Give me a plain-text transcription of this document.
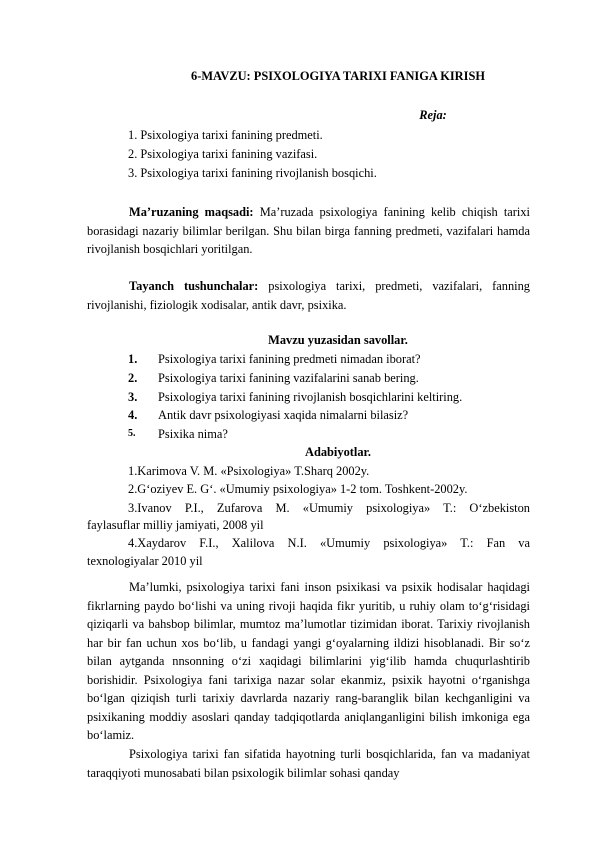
6-MAVZU: PSIXOLOGIYA TARIXI FANIGA KIRISH
Reja:
1. Psixologiya tarixi fanining predmeti.
2. Psixologiya tarixi fanining vazifasi.
3. Psixologiya tarixi fanining rivojlanish bosqichi.
Ma’ruzaning maqsadi: Ma’ruzada psixologiya fanining kelib chiqish tarixi borasidagi nazariy bilimlar berilgan. Shu bilan birga fanning predmeti, vazifalari hamda rivojlanish bosqichlari yoritilgan.
Tayanch tushunchalar: psixologiya tarixi, predmeti, vazifalari, fanning rivojlanishi, fiziologik xodisalar, antik davr, psixika.
Mavzu yuzasidan savollar.
1. Psixologiya tarixi fanining predmeti nimadan iborat?
2. Psixologiya tarixi fanining vazifalarini sanab bering.
3. Psixologiya tarixi fanining rivojlanish bosqichlarini keltiring.
4. Antik davr psixologiyasi xaqida nimalarni bilasiz?
5. Psixika nima?
Adabiyotlar.
1.Karimova V. M. «Psixologiya» T.Sharq 2002y.
2.G‘oziyev E. G‘. «Umumiy psixologiya» 1-2 tom. Toshkent-2002y.
3.Ivanov P.I., Zufarova M. «Umumiy psixologiya» T.: O‘zbekiston
faylasuflar milliy jamiyati, 2008 yil
4.Xaydarov F.I., Xalilova N.I. «Umumiy psixologiya» T.: Fan va
texnologiyalar 2010 yil
Ma’lumki, psixologiya tarixi fani inson psixikasi va psixik hodisalar haqidagi fikrlarning paydo bo‘lishi va uning rivoji haqida fikr yuritib, u ruhiy olam to‘g‘risidagi qiziqarli va bahsbop bilimlar, mumtoz ma’lumotlar tizimidan iborat. Tarixiy rivojlanish har bir fan uchun xos bo‘lib, u fandagi yangi g‘oyalarning ildizi hisoblanadi. Bir so‘z bilan aytganda nnsonning o‘zi xaqidagi bilimlarini yig‘ilib hamda chuqurlashtirib borishidir. Psixologiya fani tarixiga nazar solar ekanmiz, psixik hayotni o‘rganishga bo‘lgan qiziqish turli tarixiy davrlarda nazariy rang-baranglik bilan kechganligini va psixikaning moddiy asoslari qanday tadqiqotlarda aniqlanganligini bilish imkoniga ega bo‘lamiz.
Psixologiya tarixi fan sifatida hayotning turli bosqichlarida, fan va madaniyat taraqqiyoti munosabati bilan psixologik bilimlar sohasi qanday
